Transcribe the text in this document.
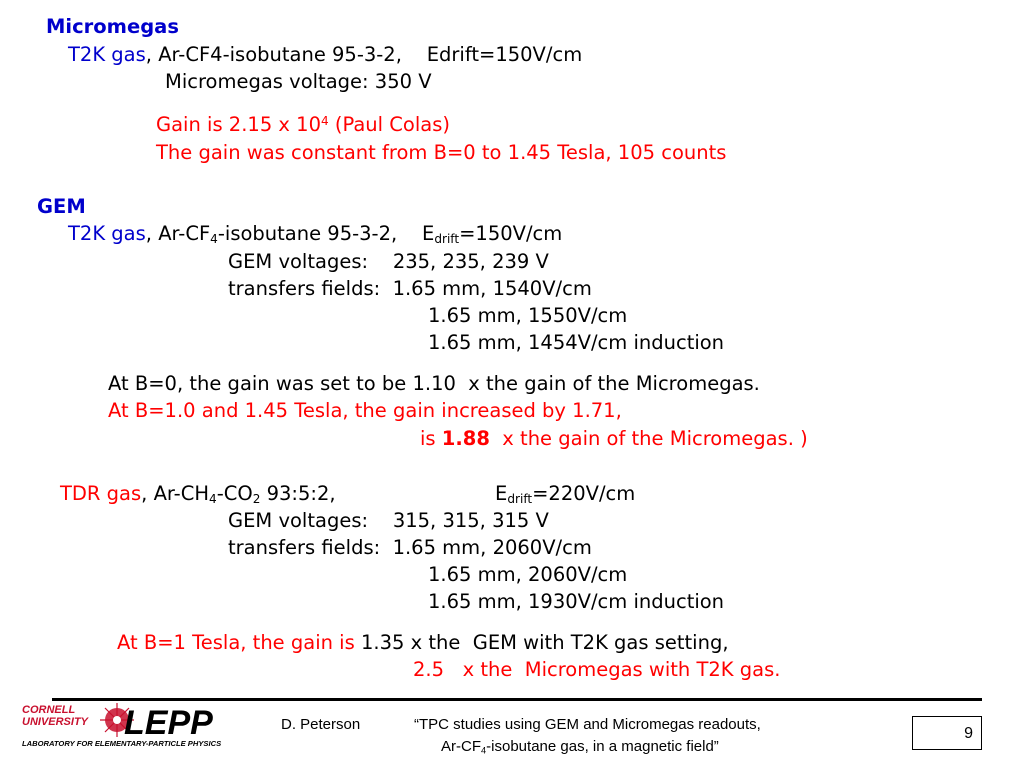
Micromegas
T2K gas, Ar-CF4-isobutane 95-3-2,    Edrift=150V/cm
Micromegas voltage: 350 V
Gain is 2.15 x $10^4$ (Paul Colas)
The gain was constant from B=0 to 1.45 Tesla, 105 counts
GEM
T2K gas, $Ar-CF_4$-isobutane 95-3-2,    $E_{drift}=150V/cm$
GEM voltages:    235, 235, 239 V
transfers fields:  1.65 mm, 1540V/cm
1.65 mm, 1550V/cm
1.65 mm, 1454V/cm induction
At B=0, the gain was set to be 1.10  x the gain of the Micromegas.
At B=1.0 and 1.45 Tesla, the gain increased by 1.71,
is 1.88  x the gain of the Micromegas. )
TDR gas, $Ar-CH_4-CO_2$ 93:5:2,	$E_{drift}=220V/cm$
GEM voltages:    315, 315, 315 V
transfers fields:  1.65 mm, 2060V/cm
1.65 mm, 2060V/cm
1.65 mm, 1930V/cm induction
At B=1 Tesla, the gain is 1.35 x the  GEM with T2K gas setting,
2.5   x the  Micromegas with T2K gas.
CORNELL
UNIVERSITY LEPP
LABORATORY FOR ELEMENTARY-PARTICLE PHYSICS
D. Peterson	“TPC studies using GEM and Micromegas readouts,
$Ar-CF_4$-isobutane gas, in a magnetic field”
9
